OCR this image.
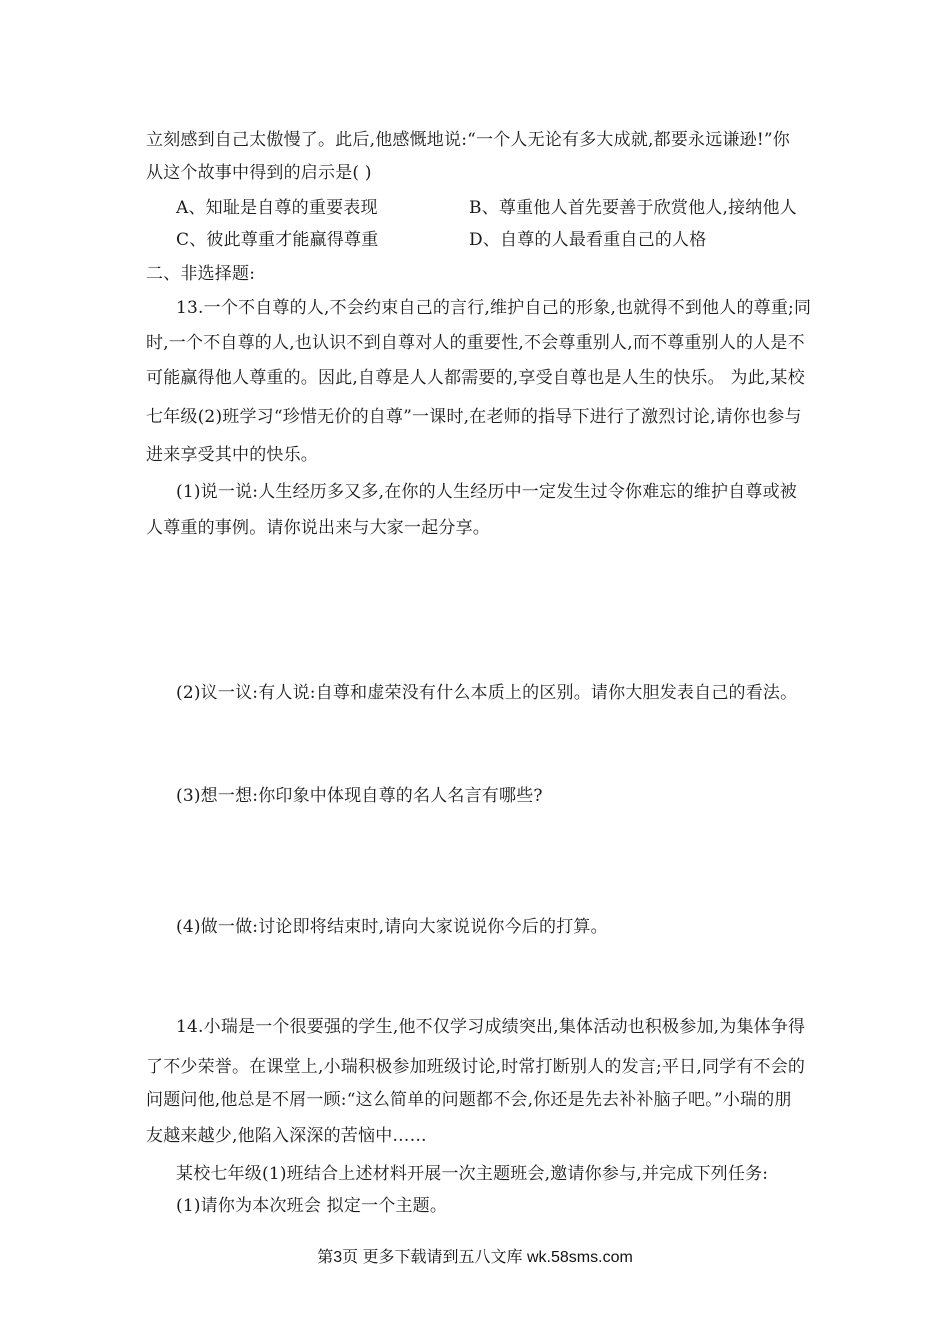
立刻感到自己太傲慢了。此后,他感慨地说:“一个人无论有多大成就,都要永远谦逊!”你
从这个故事中得到的启示是( )
A、知耻是自尊的重要表现	B、尊重他人首先要善于欣赏他人,接纳他人
C、彼此尊重才能赢得尊重	D、自尊的人最看重自己的人格
二、非选择题:
13.一个不自尊的人,不会约束自己的言行,维护自己的形象,也就得不到他人的尊重;同
时,一个不自尊的人,也认识不到自尊对人的重要性,不会尊重别人,而不尊重别人的人是不
可能赢得他人尊重的。因此,自尊是人人都需要的,享受自尊也是人生的快乐。 为此,某校
七年级(2)班学习“珍惜无价的自尊”一课时,在老师的指导下进行了激烈讨论,请你也参与
进来享受其中的快乐。
(1)说一说:人生经历多又多,在你的人生经历中一定发生过令你难忘的维护自尊或被
人尊重的事例。请你说出来与大家一起分享。
(2)议一议:有人说:自尊和虚荣没有什么本质上的区别。请你大胆发表自己的看法。
(3)想一想:你印象中体现自尊的名人名言有哪些?
(4)做一做:讨论即将结束时,请向大家说说你今后的打算。
14.小瑞是一个很要强的学生,他不仅学习成绩突出,集体活动也积极参加,为集体争得
了不少荣誉。在课堂上,小瑞积极参加班级讨论,时常打断别人的发言;平日,同学有不会的
问题问他,他总是不屑一顾:“这么简单的问题都不会,你还是先去补补脑子吧。”小瑞的朋
友越来越少,他陷入深深的苦恼中……
某校七年级(1)班结合上述材料开展一次主题班会,邀请你参与,并完成下列任务:
(1)请你为本次班会 拟定一个主题。
第3页 更多下载请到五八文库 wk.58sms.com
